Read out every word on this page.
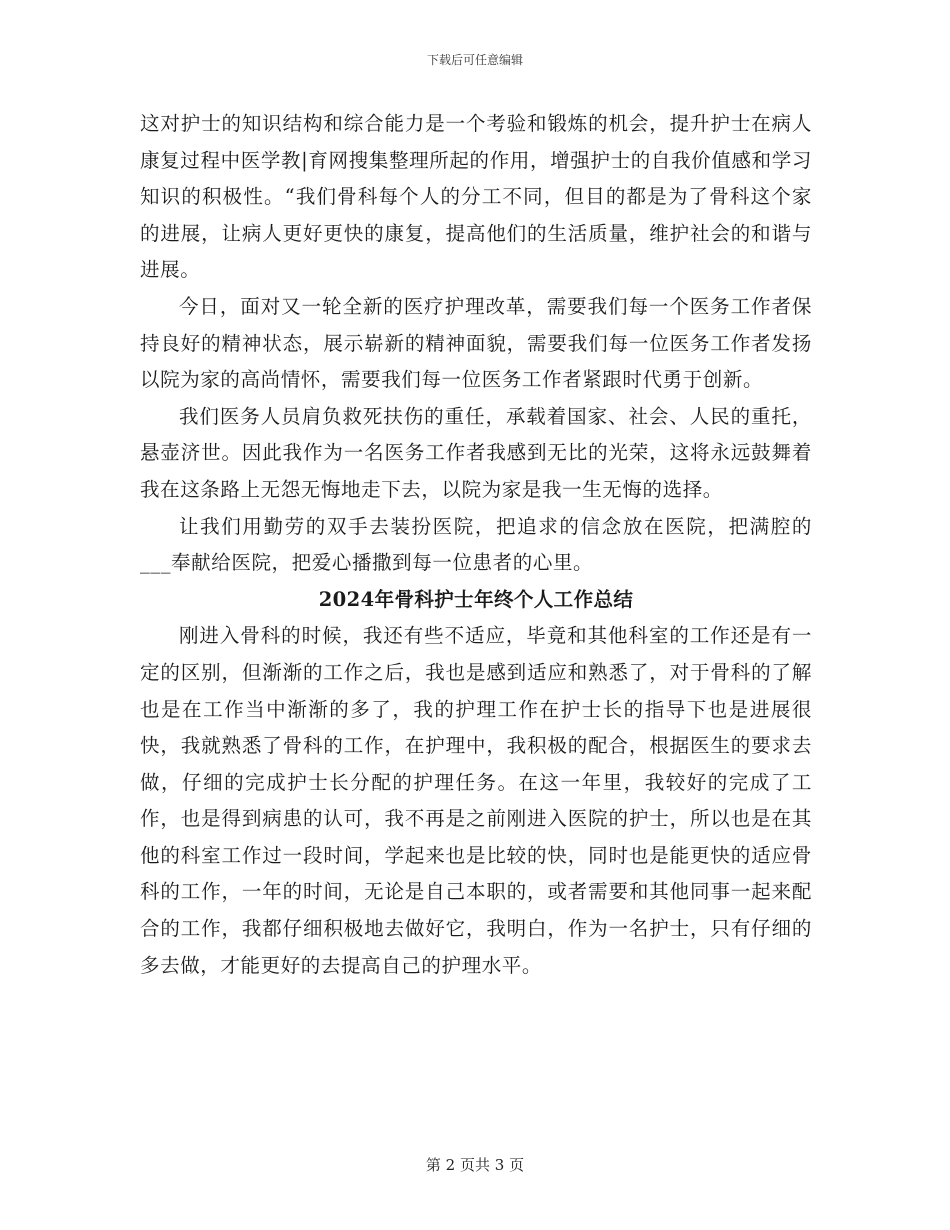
下载后可任意编辑

这对护士的知识结构和综合能力是一个考验和锻炼的机会，提升护士在病人康复过程中医学教|育网搜集整理所起的作用，增强护士的自我价值感和学习知识的积极性。“我们骨科每个人的分工不同，但目的都是为了骨科这个家的进展，让病人更好更快的康复，提高他们的生活质量，维护社会的和谐与进展。

今日，面对又一轮全新的医疗护理改革，需要我们每一个医务工作者保持良好的精神状态，展示崭新的精神面貌，需要我们每一位医务工作者发扬以院为家的高尚情怀，需要我们每一位医务工作者紧跟时代勇于创新。

我们医务人员肩负救死扶伤的重任，承载着国家、社会、人民的重托，悬壶济世。因此我作为一名医务工作者我感到无比的光荣，这将永远鼓舞着我在这条路上无怨无悔地走下去，以院为家是我一生无悔的选择。

让我们用勤劳的双手去装扮医院，把追求的信念放在医院，把满腔的___奉献给医院，把爱心播撒到每一位患者的心里。

2024年骨科护士年终个人工作总结

刚进入骨科的时候，我还有些不适应，毕竟和其他科室的工作还是有一定的区别，但渐渐的工作之后，我也是感到适应和熟悉了，对于骨科的了解也是在工作当中渐渐的多了，我的护理工作在护士长的指导下也是进展很快，我就熟悉了骨科的工作，在护理中，我积极的配合，根据医生的要求去做，仔细的完成护士长分配的护理任务。在这一年里，我较好的完成了工作，也是得到病患的认可，我不再是之前刚进入医院的护士，所以也是在其他的科室工作过一段时间，学起来也是比较的快，同时也是能更快的适应骨科的工作，一年的时间，无论是自己本职的，或者需要和其他同事一起来配合的工作，我都仔细积极地去做好它，我明白，作为一名护士，只有仔细的多去做，才能更好的去提高自己的护理水平。

第 2 页共 3 页
